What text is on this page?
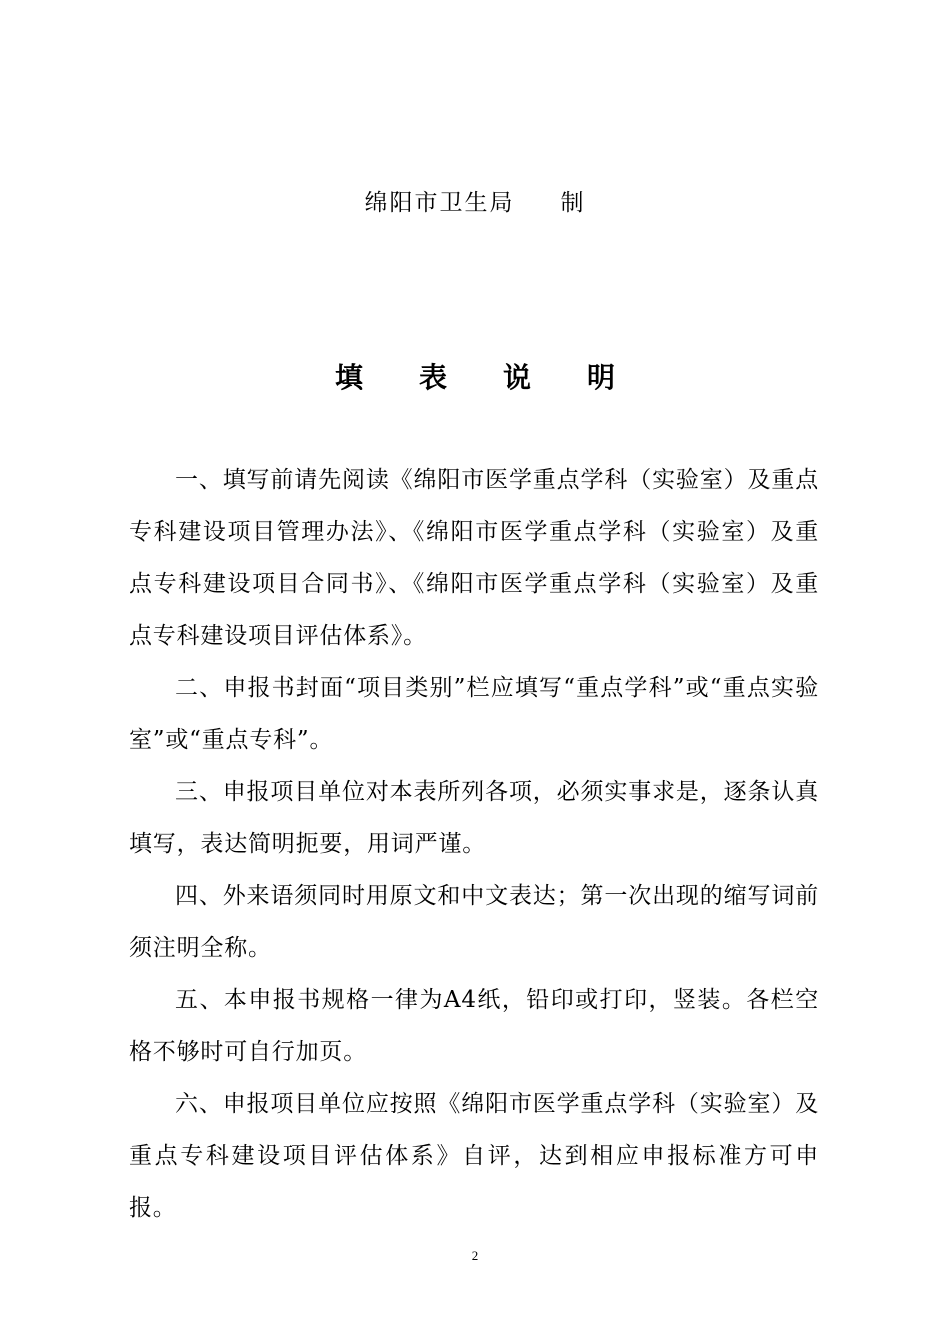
绵阳市卫生局 制
填 表 说 明

一、填写前请先阅读《绵阳市医学重点学科（实验室）及重点专科建设项目管理办法》、《绵阳市医学重点学科（实验室）及重点专科建设项目合同书》、《绵阳市医学重点学科（实验室）及重点专科建设项目评估体系》。

二、申报书封面“项目类别”栏应填写“重点学科”或“重点实验室”或“重点专科”。

三、申报项目单位对本表所列各项，必须实事求是，逐条认真填写，表达简明扼要，用词严谨。

四、外来语须同时用原文和中文表达；第一次出现的缩写词前须注明全称。

五、本申报书规格一律为A4纸，铅印或打印，竖装。各栏空格不够时可自行加页。

六、申报项目单位应按照《绵阳市医学重点学科（实验室）及重点专科建设项目评估体系》自评，达到相应申报标准方可申报。

2
